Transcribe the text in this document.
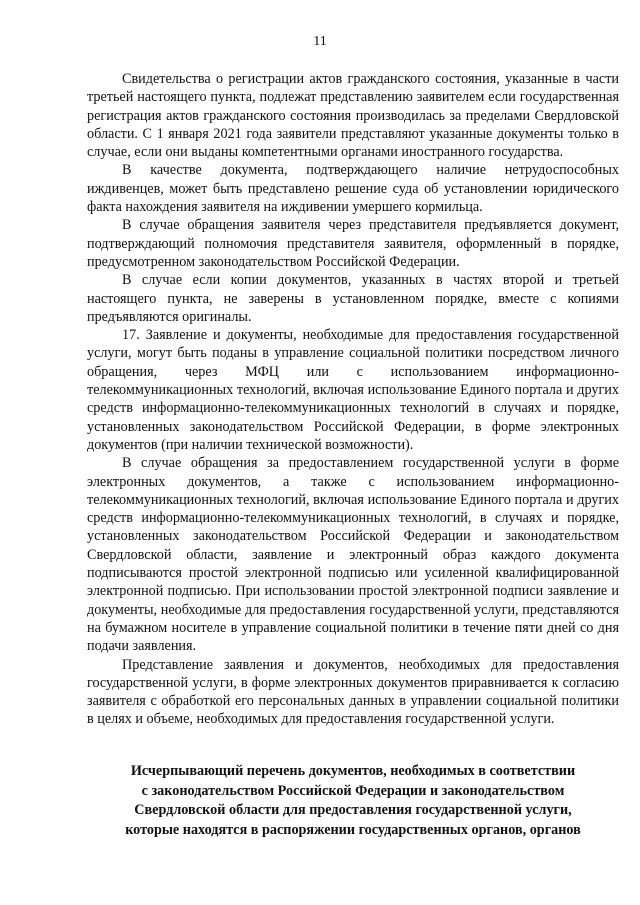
11

Свидетельства о регистрации актов гражданского состояния, указанные в части третьей настоящего пункта, подлежат представлению заявителем если государственная регистрация актов гражданского состояния производилась за пределами Свердловской области. С 1 января 2021 года заявители представляют указанные документы только в случае, если они выданы компетентными органами иностранного государства.

В качестве документа, подтверждающего наличие нетрудоспособных иждивенцев, может быть представлено решение суда об установлении юридического факта нахождения заявителя на иждивении умершего кормильца.

В случае обращения заявителя через представителя предъявляется документ, подтверждающий полномочия представителя заявителя, оформленный в порядке, предусмотренном законодательством Российской Федерации.

В случае если копии документов, указанных в частях второй и третьей настоящего пункта, не заверены в установленном порядке, вместе с копиями предъявляются оригиналы.

17. Заявление и документы, необходимые для предоставления государственной услуги, могут быть поданы в управление социальной политики посредством личного обращения, через МФЦ или с использованием информационно-телекоммуникационных технологий, включая использование Единого портала и других средств информационно-телекоммуникационных технологий в случаях и порядке, установленных законодательством Российской Федерации, в форме электронных документов (при наличии технической возможности).

В случае обращения за предоставлением государственной услуги в форме электронных документов, а также с использованием информационно-телекоммуникационных технологий, включая использование Единого портала и других средств информационно-телекоммуникационных технологий, в случаях и порядке, установленных законодательством Российской Федерации и законодательством Свердловской области, заявление и электронный образ каждого документа подписываются простой электронной подписью или усиленной квалифицированной электронной подписью. При использовании простой электронной подписи заявление и документы, необходимые для предоставления государственной услуги, представляются на бумажном носителе в управление социальной политики в течение пяти дней со дня подачи заявления.

Представление заявления и документов, необходимых для предоставления государственной услуги, в форме электронных документов приравнивается к согласию заявителя с обработкой его персональных данных в управлении социальной политики в целях и объеме, необходимых для предоставления государственной услуги.

Исчерпывающий перечень документов, необходимых в соответствии
с законодательством Российской Федерации и законодательством
Свердловской области для предоставления государственной услуги,
которые находятся в распоряжении государственных органов, органов
